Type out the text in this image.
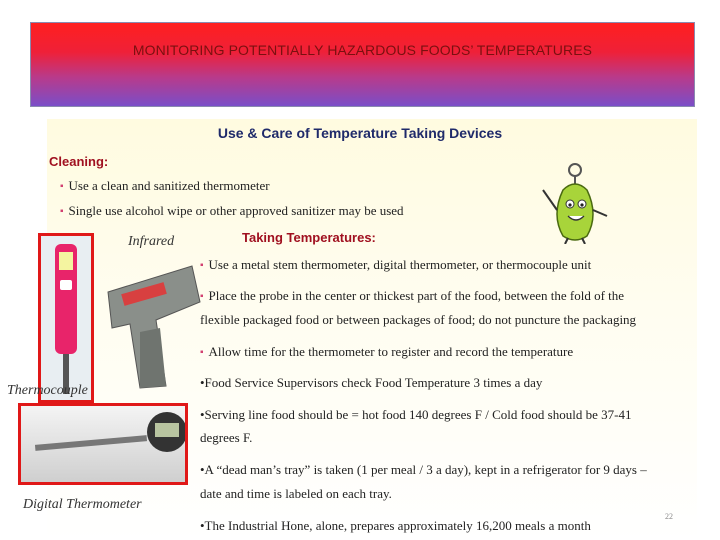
MONITORING POTENTIALLY HAZARDOUS FOODS’ TEMPERATURES
Use & Care of Temperature Taking Devices
Cleaning:
▪ Use a clean and sanitized thermometer
▪ Single use alcohol wipe or other approved sanitizer may be used
Infrared	Taking Temperatures:
▪ Use a metal stem thermometer, digital thermometer, or thermocouple unit
▪ Place the probe in the center or thickest part of the food, between the fold of the
flexible packaged food or between packages of food; do not puncture the packaging
▪ Allow time for the thermometer to register and record the temperature
•Food Service Supervisors check Food Temperature 3 times a day
•Serving line food should be = hot food 140 degrees F / Cold food should be 37-41
degrees F.
•A “dead man’s tray” is taken (1 per meal / 3 a day), kept in a refrigerator for 9 days –
date and time is labeled on each tray.
•The Industrial Hone, alone, prepares approximately 16,200 meals a month
Thermocouple
Digital Thermometer
22
